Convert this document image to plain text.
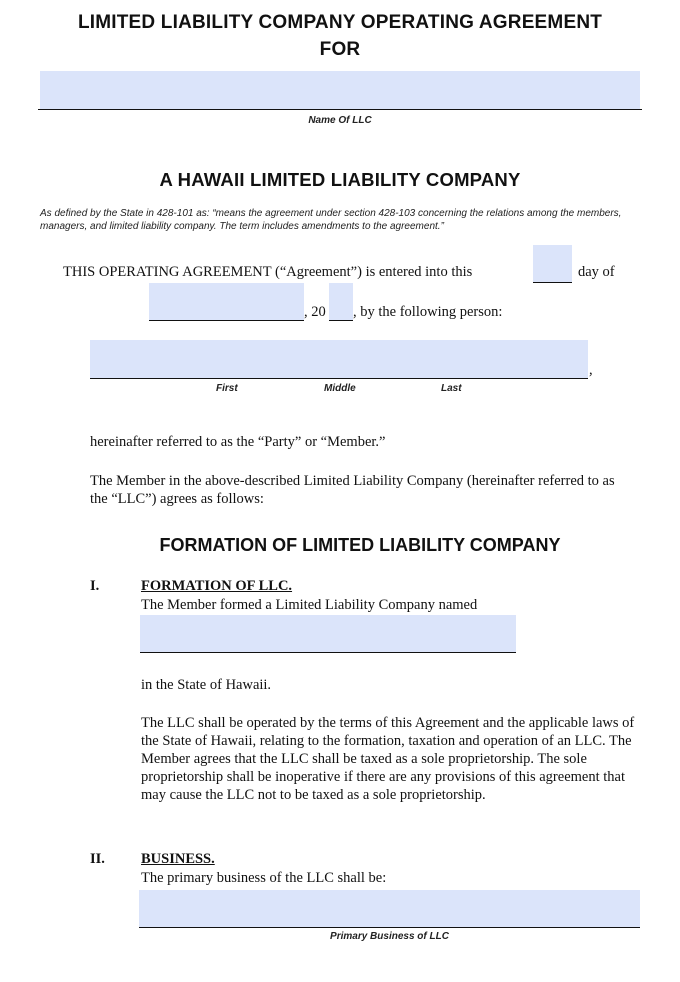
LIMITED LIABILITY COMPANY OPERATING AGREEMENT
FOR
Name Of LLC
A HAWAII LIMITED LIABILITY COMPANY
As defined by the State in 428-101 as: “means the agreement under section 428-103 concerning the relations among the members, managers, and limited liability company. The term includes amendments to the agreement.”
THIS OPERATING AGREEMENT (“Agreement”) is entered into this	day of
, 20 , by the following person:
,
First	Middle	Last
hereinafter referred to as the “Party” or “Member.”
The Member in the above-described Limited Liability Company (hereinafter referred to as the “LLC”) agrees as follows:
FORMATION OF LIMITED LIABILITY COMPANY
I.	FORMATION OF LLC.
The Member formed a Limited Liability Company named
in the State of Hawaii.
The LLC shall be operated by the terms of this Agreement and the applicable laws of the State of Hawaii, relating to the formation, taxation and operation of an LLC. The Member agrees that the LLC shall be taxed as a sole proprietorship. The sole proprietorship shall be inoperative if there are any provisions of this agreement that may cause the LLC not to be taxed as a sole proprietorship.
II. BUSINESS.
The primary business of the LLC shall be:
Primary Business of LLC
